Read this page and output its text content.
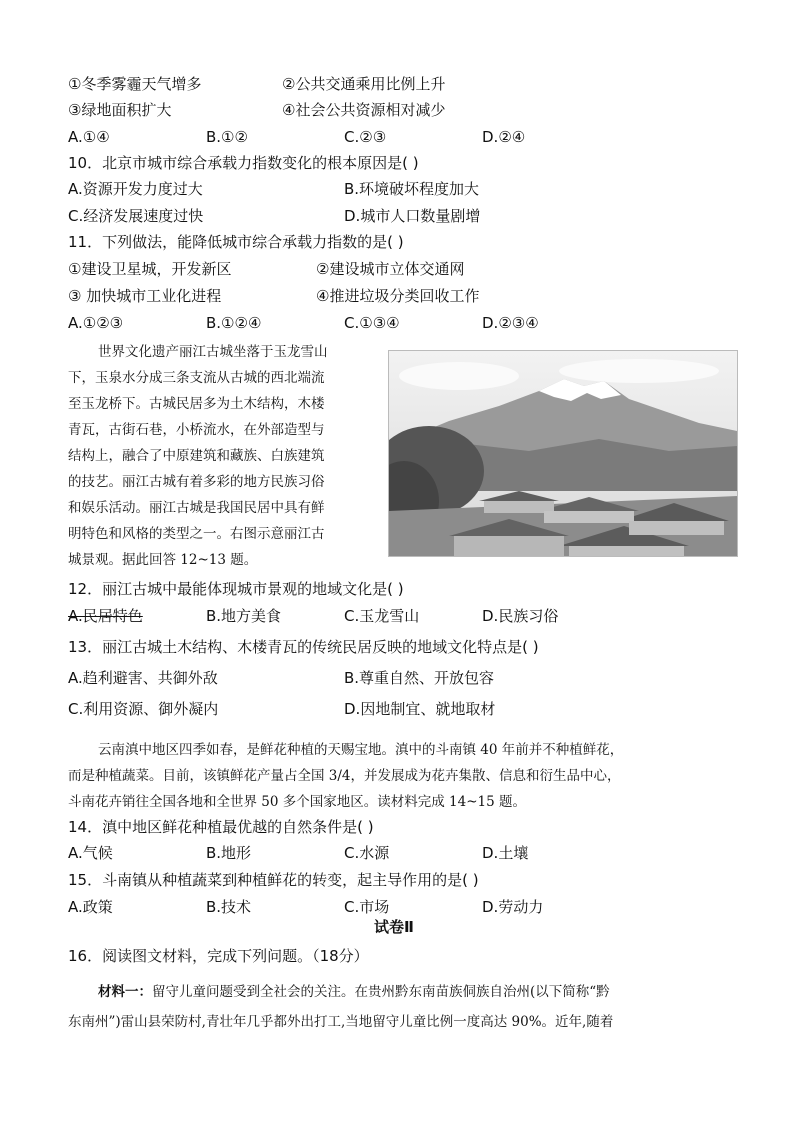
①冬季雾霾天气增多	②公共交通乘用比例上升
③绿地面积扩大	④社会公共资源相对减少
A.①④	B.①②	C.②③	D.②④
10．北京市城市综合承载力指数变化的根本原因是( )
A.资源开发力度过大	B.环境破坏程度加大
C.经济发展速度过快	D.城市人口数量剧增
11．下列做法，能降低城市综合承载力指数的是( )
①建设卫星城，开发新区	②建设城市立体交通网
③ 加快城市工业化进程	④推进垃圾分类回收工作
A.①②③	B.①②④	C.①③④	D.②③④
世界文化遗产丽江古城坐落于玉龙雪山
下，玉泉水分成三条支流从古城的西北端流
至玉龙桥下。古城民居多为土木结构，木楼
青瓦，古街石巷，小桥流水，在外部造型与
结构上，融合了中原建筑和藏族、白族建筑
的技艺。丽江古城有着多彩的地方民族习俗
和娱乐活动。丽江古城是我国民居中具有鲜
明特色和风格的类型之一。右图示意丽江古
城景观。据此回答 12~13 题。
12．丽江古城中最能体现城市景观的地域文化是( )
A.民居特色	B.地方美食	C.玉龙雪山	D.民族习俗
13．丽江古城土木结构、木楼青瓦的传统民居反映的地域文化特点是( )
A.趋利避害、共御外敌	B.尊重自然、开放包容
C.利用资源、御外凝内	D.因地制宜、就地取材
云南滇中地区四季如春，是鲜花种植的天赐宝地。滇中的斗南镇 40 年前并不种植鲜花，
而是种植蔬菜。目前，该镇鲜花产量占全国 3/4，并发展成为花卉集散、信息和衍生品中心，
斗南花卉销往全国各地和全世界 50 多个国家地区。读材料完成 14~15 题。
14．滇中地区鲜花种植最优越的自然条件是( )
A.气候	B.地形	C.水源	D.土壤
15．斗南镇从种植蔬菜到种植鲜花的转变，起主导作用的是( )
A.政策	B.技术	C.市场	D.劳动力
试卷Ⅱ
16．阅读图文材料，完成下列问题。（18分）
材料一：留守儿童问题受到全社会的关注。在贵州黔东南苗族侗族自治州(以下简称“黔
东南州”)雷山县荣防村,青壮年几乎都外出打工,当地留守儿童比例一度高达 90%。近年,随着
